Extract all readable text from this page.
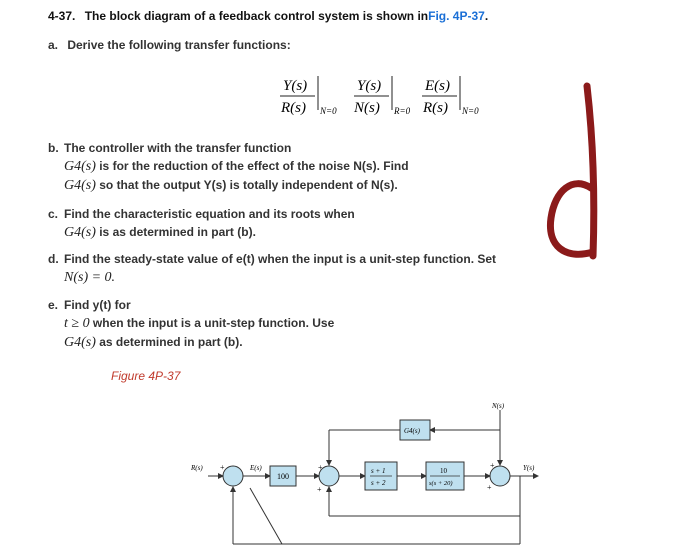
4-37. The block diagram of a feedback control system is shown inFig. 4P-37.
a. Derive the following transfer functions:
Y(s)
R(s) N=0
Y(s)
N(s) R=0
E(s)
R(s) N=0
b. The controller with the transfer function
G4(s) is for the reduction of the effect of the noise N(s). Find
G4(s) so that the output Y(s) is totally independent of N(s).
c. Find the characteristic equation and its roots when
G4(s) is as determined in part (b).
d. Find the steady-state value of e(t) when the input is a unit-step function. Set
N(s) = 0.
e. Find y(t) for
t ≥ 0 when the input is a unit-step function. Use
G4(s) as determined in part (b).
Figure 4P-37
R(s)	E(s)
N(s)
Y(s)
100
G4(s)
s + 1
s + 2
10
s(s + 20)
+	+	+
+
+
